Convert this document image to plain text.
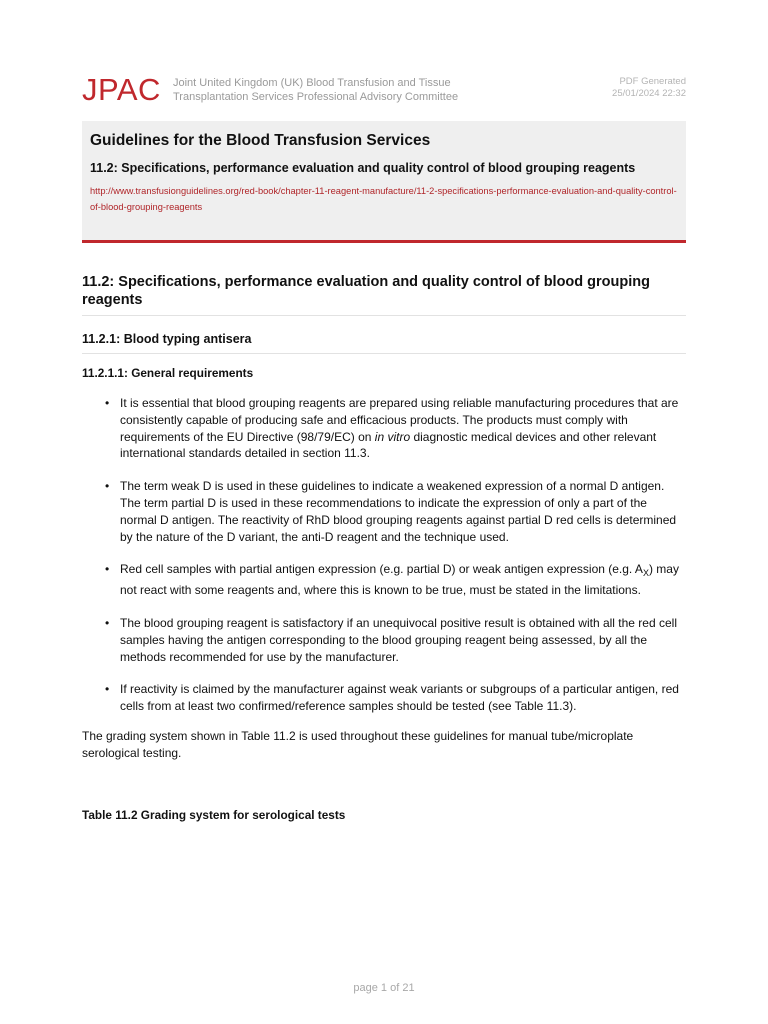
JPAC Joint United Kingdom (UK) Blood Transfusion and Tissue
Transplantation Services Professional Advisory Committee
PDF Generated
25/01/2024 22:32
Guidelines for the Blood Transfusion Services
11.2: Specifications, performance evaluation and quality control of blood grouping reagents
http://www.transfusionguidelines.org/red-book/chapter-11-reagent-manufacture/11-2-specifications-performance-evaluation-and-quality-control-of-blood-grouping-reagents
11.2: Specifications, performance evaluation and quality control of blood grouping reagents
11.2.1: Blood typing antisera
11.2.1.1: General requirements
• It is essential that blood grouping reagents are prepared using reliable manufacturing procedures that are consistently capable of producing safe and efficacious products. The products must comply with requirements of the EU Directive (98/79/EC) on in vitro diagnostic medical devices and other relevant international standards detailed in section 11.3.
• The term weak D is used in these guidelines to indicate a weakened expression of a normal D antigen. The term partial D is used in these recommendations to indicate the expression of only a part of the normal D antigen. The reactivity of RhD blood grouping reagents against partial D red cells is determined by the nature of the D variant, the anti-D reagent and the technique used.
• Red cell samples with partial antigen expression (e.g. partial D) or weak antigen expression (e.g. $A_X$) may not react with some reagents and, where this is known to be true, must be stated in the limitations.
• The blood grouping reagent is satisfactory if an unequivocal positive result is obtained with all the red cell samples having the antigen corresponding to the blood grouping reagent being assessed, by all the methods recommended for use by the manufacturer.
• If reactivity is claimed by the manufacturer against weak variants or subgroups of a particular antigen, red cells from at least two confirmed/reference samples should be tested (see Table 11.3).
The grading system shown in Table 11.2 is used throughout these guidelines for manual tube/microplate serological testing.
Table 11.2 Grading system for serological tests
page 1 of 21
